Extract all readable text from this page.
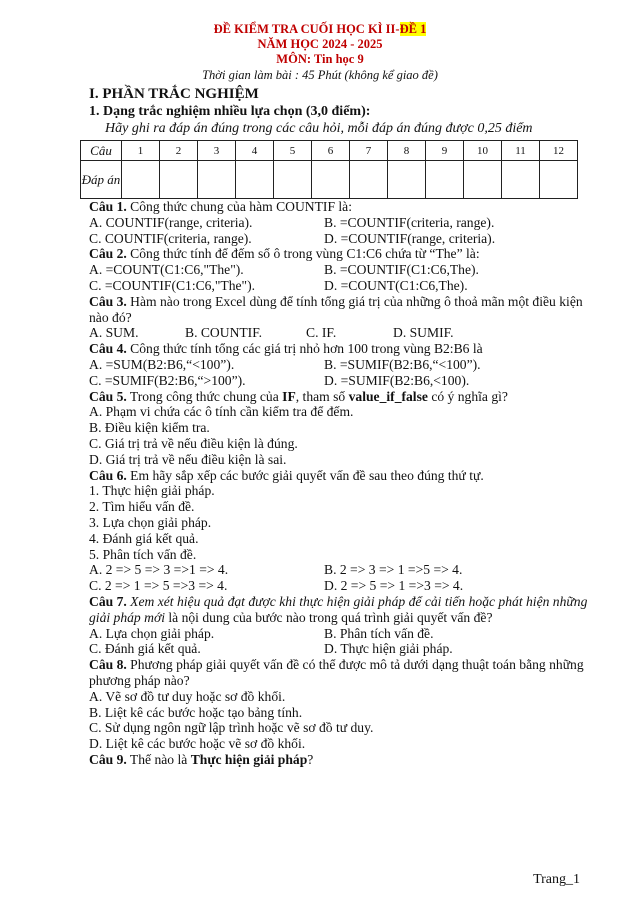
ĐỀ KIỂM TRA CUỐI HỌC KÌ II-ĐỀ 1
NĂM HỌC 2024 - 2025
MÔN: Tin học 9
Thời gian làm bài : 45 Phút (không kể giao đề)
I. PHẦN TRẮC NGHIỆM
1. Dạng trắc nghiệm nhiều lựa chọn (3,0 điểm):
Hãy ghi ra đáp án đúng trong các câu hỏi, mỗi đáp án đúng được 0,25 điểm
Câu	1	2	3	4	5	6	7	8	9	10	11	12
Đáp án												
Câu 1. Công thức chung của hàm COUNTIF là:
A. COUNTIF(range, criteria).	B. =COUNTIF(criteria, range).
C. COUNTIF(criteria, range).	D. =COUNTIF(range, criteria).
Câu 2. Công thức tính để đếm số ô trong vùng C1:C6 chứa từ “The” là:
A. =COUNT(C1:C6,"The").	B. =COUNTIF(C1:C6,The).
C. =COUNTIF(C1:C6,"The").	D. =COUNT(C1:C6,The).
Câu 3. Hàm nào trong Excel dùng để tính tổng giá trị của những ô thoả mãn một điều kiện nào đó?
A. SUM.	B. COUNTIF.	C. IF.	D. SUMIF.
Câu 4. Công thức tính tổng các giá trị nhỏ hơn 100 trong vùng B2:B6 là
A. =SUM(B2:B6,“<100”).	B. =SUMIF(B2:B6,“<100”).
C. =SUMIF(B2:B6,“>100”).	D. =SUMIF(B2:B6,<100).
Câu 5. Trong công thức chung của IF, tham số value_if_false có ý nghĩa gì?
A. Phạm vi chứa các ô tính cần kiểm tra để đếm.
B. Điều kiện kiểm tra.
C. Giá trị trả về nếu điều kiện là đúng.
D. Giá trị trả về nếu điều kiện là sai.
Câu 6. Em hãy sắp xếp các bước giải quyết vấn đề sau theo đúng thứ tự.
1. Thực hiện giải pháp.
2. Tìm hiểu vấn đề.
3. Lựa chọn giải pháp.
4. Đánh giá kết quả.
5. Phân tích vấn đề.
A. 2 => 5 => 3 =>1 => 4.	B. 2 => 3 => 1 =>5 => 4.
C. 2 => 1 => 5 =>3 => 4.	D. 2 => 5 => 1 =>3 => 4.
Câu 7. Xem xét hiệu quả đạt được khi thực hiện giải pháp để cải tiến hoặc phát hiện những giải pháp mới là nội dung của bước nào trong quá trình giải quyết vấn đề?
A. Lựa chọn giải pháp.	B. Phân tích vấn đề.
C. Đánh giá kết quả.	D. Thực hiện giải pháp.
Câu 8. Phương pháp giải quyết vấn đề có thể được mô tả dưới dạng thuật toán bằng những phương pháp nào?
A. Vẽ sơ đồ tư duy hoặc sơ đồ khối.
B. Liệt kê các bước hoặc tạo bảng tính.
C. Sử dụng ngôn ngữ lập trình hoặc vẽ sơ đồ tư duy.
D. Liệt kê các bước hoặc vẽ sơ đồ khối.
Câu 9. Thế nào là Thực hiện giải pháp?
Trang_1
